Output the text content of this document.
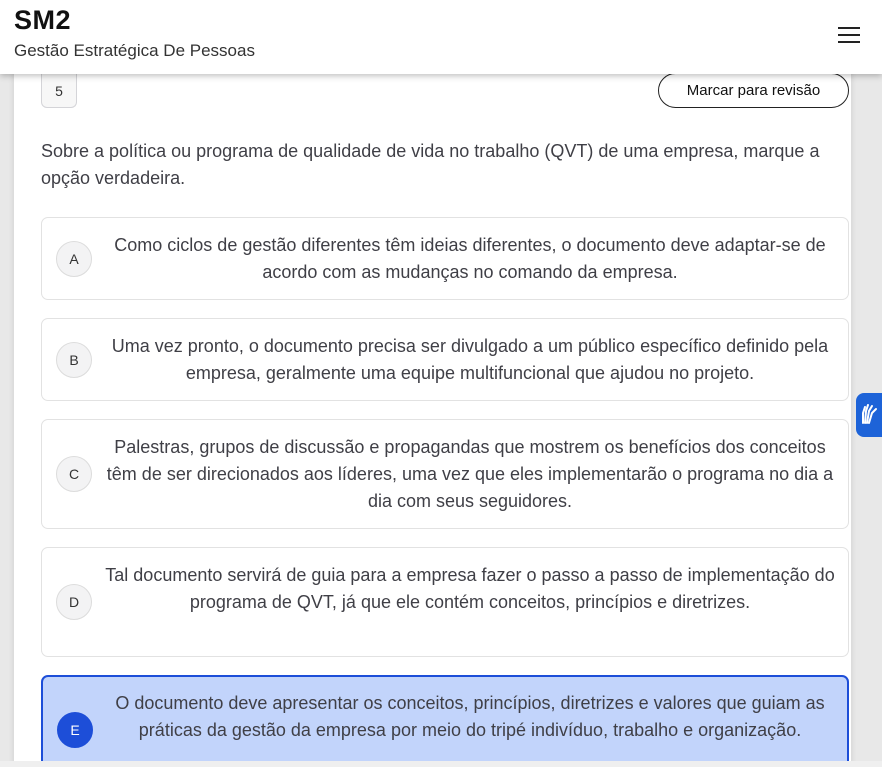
5	Marcar para revisão

Sobre a política ou programa de qualidade de vida no trabalho (QVT) de uma empresa, marque a opção verdadeira.

A
Como ciclos de gestão diferentes têm ideias diferentes, o documento deve adaptar-se de acordo com as mudanças no comando da empresa.
B
Uma vez pronto, o documento precisa ser divulgado a um público específico definido pela empresa, geralmente uma equipe multifuncional que ajudou no projeto.
C
Palestras, grupos de discussão e propagandas que mostrem os benefícios dos conceitos têm de ser direcionados aos líderes, uma vez que eles implementarão o programa no dia a dia com seus seguidores.
D
Tal documento servirá de guia para a empresa fazer o passo a passo de implementação do programa de QVT, já que ele contém conceitos, princípios e diretrizes.
E
O documento deve apresentar os conceitos, princípios, diretrizes e valores que guiam as práticas da gestão da empresa por meio do tripé indivíduo, trabalho e organização.
SM2
Gestão Estratégica De Pessoas
